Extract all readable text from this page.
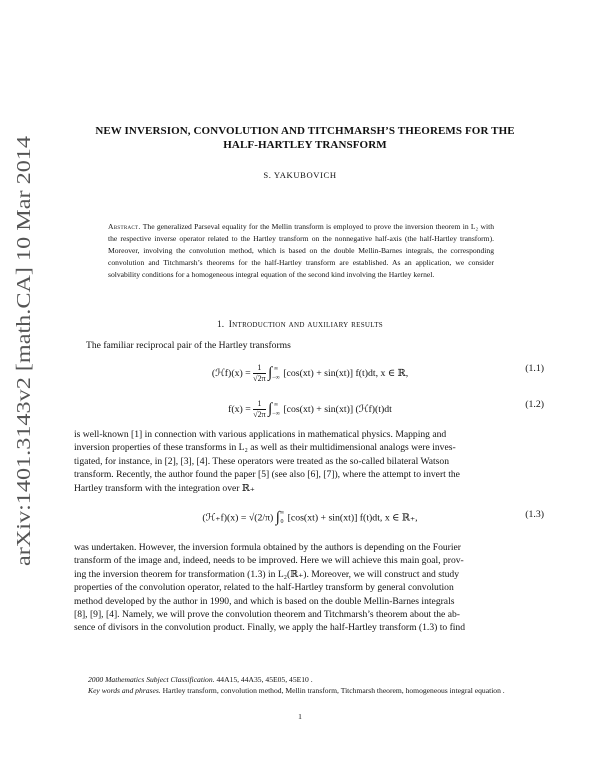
arXiv:1401.3143v2 [math.CA] 10 Mar 2014
NEW INVERSION, CONVOLUTION AND TITCHMARSH’S THEOREMS FOR THE
HALF-HARTLEY TRANSFORM
S. YAKUBOVICH
Abstract. The generalized Parseval equality for the Mellin transform is employed to prove the inversion theorem in L₂ with the respective inverse operator related to the Hartley transform on the nonnegative half-axis (the half-Hartley transform). Moreover, involving the convolution method, which is based on the double Mellin-Barnes integrals, the corresponding convolution and Titchmarsh’s theorems for the half-Hartley transform are established. As an application, we consider solvability conditions for a homogeneous integral equation of the second kind involving the Hartley kernel.
1. Introduction and auxiliary results
The familiar reciprocal pair of the Hartley transforms
(ℋf)(x) = $\frac{1}{√2\pi}$ ∫ ∞
−∞ [cos(xt) + sin(xt)] f(t)dt, x ∈ ℝ,	(1.1)
$f(x) = \frac{1}{√2\pi}$ ∫ ∞
−∞ [cos(xt) + sin(xt)] (ℋf)(t)dt	(1.2)
is well-known [1] in connection with various applications in mathematical physics. Mapping and
inversion properties of these transforms in L₂ as well as their multidimensional analogs were inves-
tigated, for instance, in [2], [3], [4]. These operators were treated as the so-called bilateral Watson
transform. Recently, the author found the paper [5] (see also [6], [7]), where the attempt to invert the
Hartley transform with the integration over ℝ₊
(ℋ₊f)(x) = √(2/π) ∫ ∞
0 [cos(xt) + sin(xt)] f(t)dt, x ∈ ℝ₊,	(1.3)
was undertaken. However, the inversion formula obtained by the authors is depending on the Fourier
transform of the image and, indeed, needs to be improved. Here we will achieve this main goal, prov-
ing the inversion theorem for transformation (1.3) in L₂(ℝ₊). Moreover, we will construct and study
properties of the convolution operator, related to the half-Hartley transform by general convolution
method developed by the author in 1990, and which is based on the double Mellin-Barnes integrals
[8], [9], [4]. Namely, we will prove the convolution theorem and Titchmarsh’s theorem about the ab-
sence of divisors in the convolution product. Finally, we apply the half-Hartley transform (1.3) to find
2000 Mathematics Subject Classification. 44A15, 44A35, 45E05, 45E10 .
Key words and phrases. Hartley transform, convolution method, Mellin transform, Titchmarsh theorem, homogeneous integral equation .
1
